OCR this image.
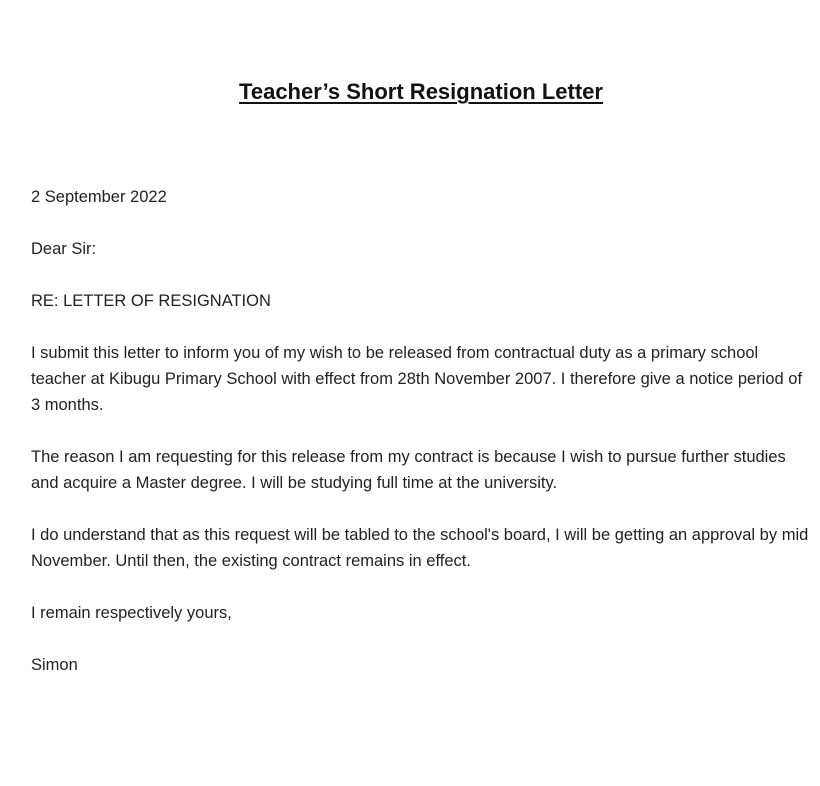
Teacher’s Short Resignation Letter

2 September 2022

Dear Sir:

RE: LETTER OF RESIGNATION

I submit this letter to inform you of my wish to be released from contractual duty as a primary school teacher at Kibugu Primary School with effect from 28th November 2007. I therefore give a notice period of 3 months.

The reason I am requesting for this release from my contract is because I wish to pursue further studies and acquire a Master degree. I will be studying full time at the university.

I do understand that as this request will be tabled to the school's board, I will be getting an approval by mid November. Until then, the existing contract remains in effect.

I remain respectively yours,

Simon
